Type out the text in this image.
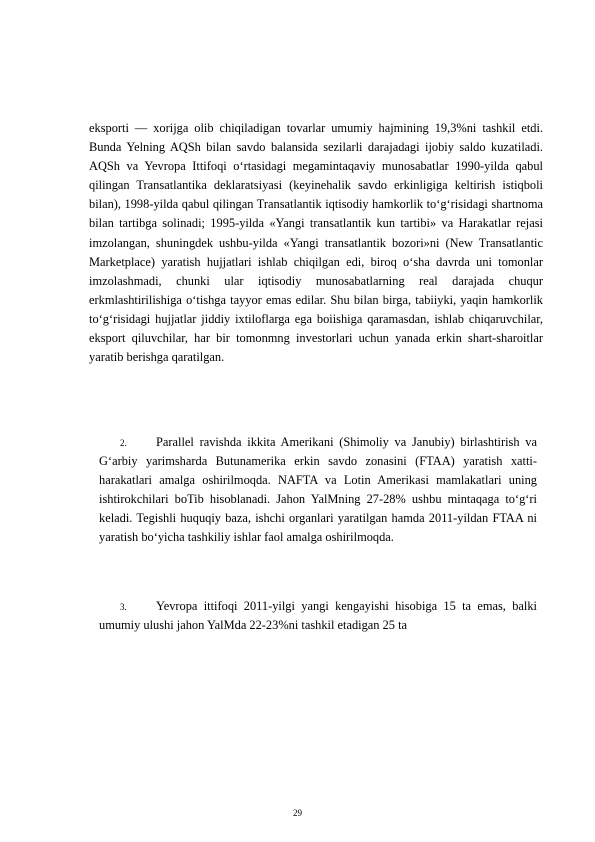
eksporti — xorijga olib chiqiladigan tovarlar umumiy hajmining 19,3%ni tashkil etdi. Bunda Yelning AQSh bilan savdo balansida sezilarli darajadagi ijobiy saldo kuzatiladi. AQSh va Yevropa Ittifoqi o‘rtasidagi megamintaqaviy munosabatlar 1990-yilda qabul qilingan Transatlantika deklaratsiyasi (keyinehalik savdo erkinligiga keltirish istiqboli bilan), 1998-yilda qabul qilingan Transatlantik iqtisodiy hamkorlik to‘g‘risidagi shartnoma bilan tartibga solinadi; 1995-yilda «Yangi transatlantik kun tartibi» va Harakatlar rejasi imzolangan, shuningdek ushbu-yilda «Yangi transatlantik bozori»ni (New Transatlantic Marketplace) yaratish hujjatlari ishlab chiqilgan edi, biroq o‘sha davrda uni tomonlar imzolashmadi, chunki ular iqtisodiy munosabatlarning real darajada chuqur erkmlashtirilishiga o‘tishga tayyor emas edilar. Shu bilan birga, tabiiyki, yaqin hamkorlik to‘g‘risidagi hujjatlar jiddiy ixtiloflarga ega boiishiga qaramasdan, ishlab chiqaruvchilar, eksport qiluvchilar, har bir tomonmng investorlari uchun yanada erkin shart-sharoitlar yaratib berishga qaratilgan.

2.	Parallel ravishda ikkita Amerikani (Shimoliy va Janubiy) birlashtirish va G‘arbiy yarimsharda Butunamerika erkin savdo zonasini (FTAA) yaratish xatti-harakatlari amalga oshirilmoqda. NAFTA va Lotin Amerikasi mamlakatlari uning ishtirokchilari boTib hisoblanadi. Jahon YalMning 27-28% ushbu mintaqaga to‘g‘ri keladi. Tegishli huquqiy baza, ishchi organlari yaratilgan hamda 2011-yildan FTAA ni yaratish bo‘yicha tashkiliy ishlar faol amalga oshirilmoqda.

3.	Yevropa ittifoqi 2011-yilgi yangi kengayishi hisobiga 15 ta emas, balki umumiy ulushi jahon YalMda 22-23%ni tashkil etadigan 25 ta

29
